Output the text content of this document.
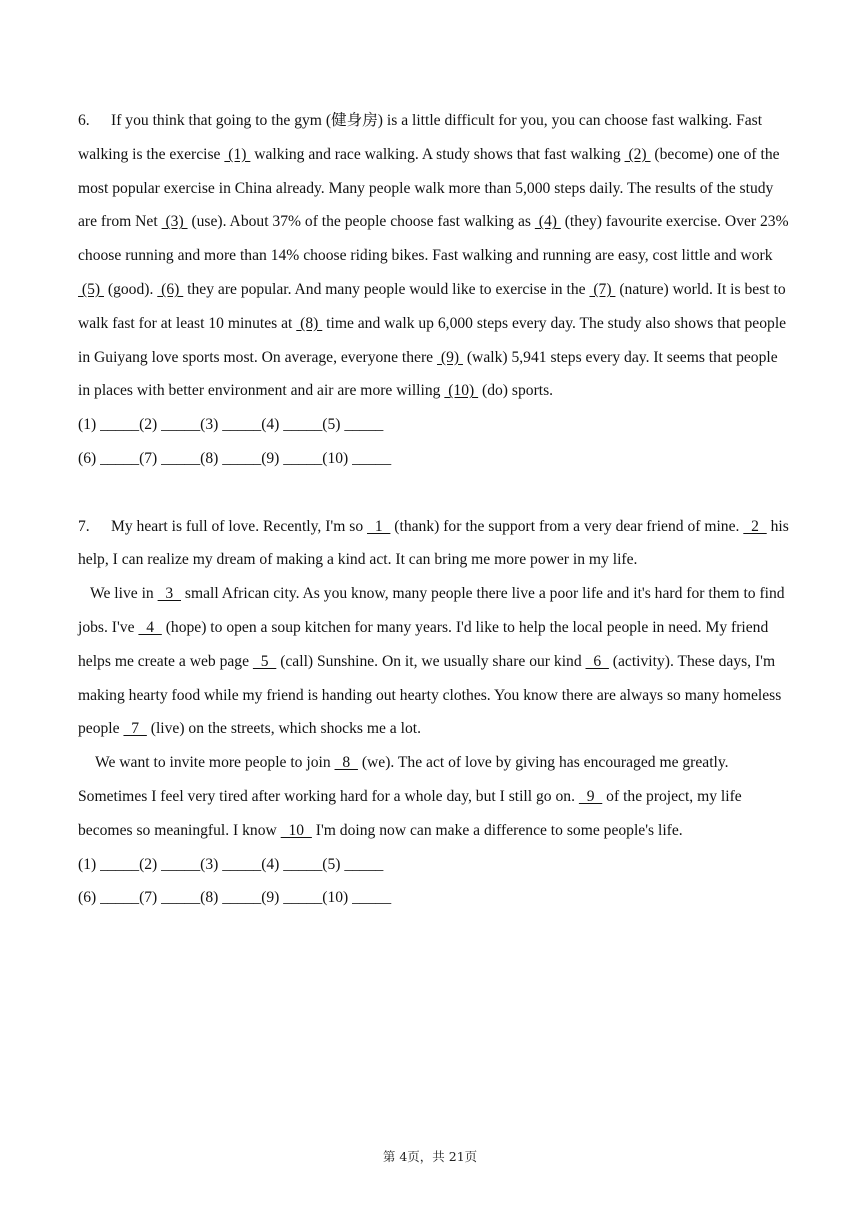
6. If you think that going to the gym (健身房) is a little difficult for you, you can choose fast walking. Fast walking is the exercise  (1)  walking and race walking. A study shows that fast walking  (2)  (become) one of the most popular exercise in China already. Many people walk more than 5,000 steps daily. The results of the study are from Net  (3)  (use). About 37% of the people choose fast walking as  (4)  (they) favourite exercise. Over 23% choose running and more than 14% choose riding bikes. Fast walking and running are easy, cost little and work  (5)  (good).  (6)  they are popular. And many people would like to exercise in the  (7)  (nature) world. It is best to walk fast for at least 10 minutes at  (8)  time and walk up 6,000 steps every day. The study also shows that people in Guiyang love sports most. On average, everyone there  (9)  (walk) 5,941 steps every day. It seems that people in places with better environment and air are more willing  (10)  (do) sports.

(1) _____(2) _____(3) _____(4) _____(5) _____

(6) _____(7) _____(8) _____(9) _____(10) _____

7. My heart is full of love. Recently, I'm so   1   (thank) for the support from a very dear friend of mine.   2   his help, I can realize my dream of making a kind act. It can bring me more power in my life.

We live in   3   small African city. As you know, many people there live a poor life and it's hard for them to find jobs. I've   4   (hope) to open a soup kitchen for many years. I'd like to help the local people in need. My friend helps me create a web page   5   (call) Sunshine. On it, we usually share our kind   6   (activity). These days, I'm making hearty food while my friend is handing out hearty clothes. You know there are always so many homeless people   7   (live) on the streets, which shocks me a lot.

We want to invite more people to join   8   (we). The act of love by giving has encouraged me greatly. Sometimes I feel very tired after working hard for a whole day, but I still go on.   9   of the project, my life becomes so meaningful. I know   10   I'm doing now can make a difference to some people's life.

(1) _____(2) _____(3) _____(4) _____(5) _____

(6) _____(7) _____(8) _____(9) _____(10) _____

第 4页，共 21页
